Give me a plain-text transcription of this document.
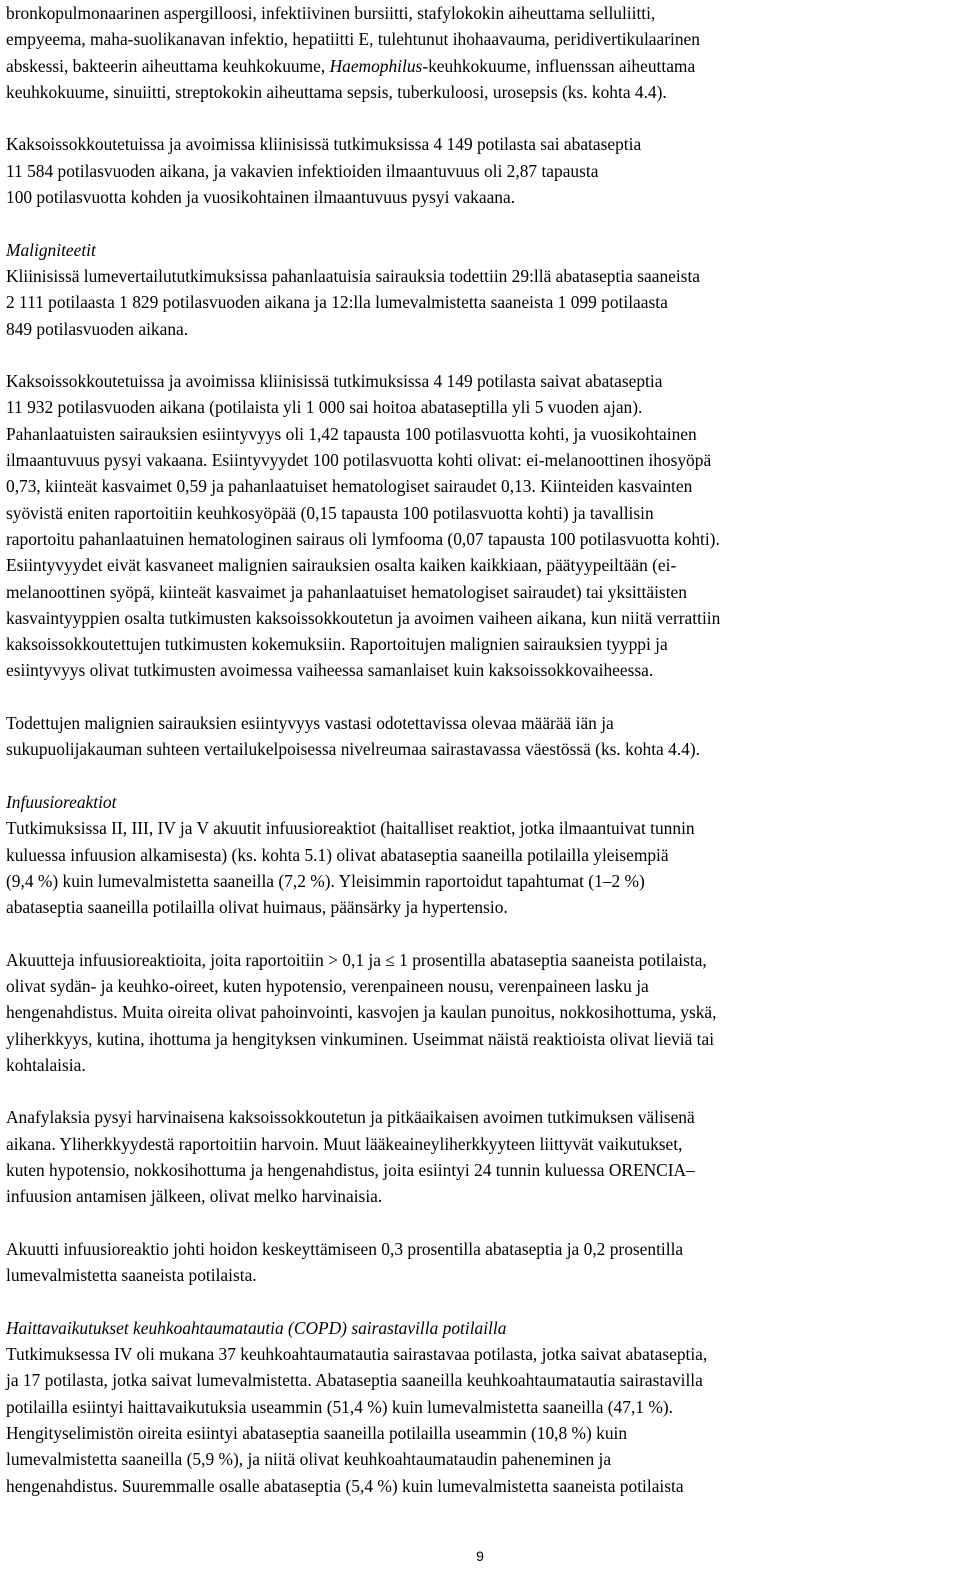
bronkopulmonaarinen aspergilloosi, infektiivinen bursiitti, stafylokokin aiheuttama selluliitti,
empyeema, maha-suolikanavan infektio, hepatiitti E, tulehtunut ihohaavauma, peridivertikulaarinen
abskessi, bakteerin aiheuttama keuhkokuume, Haemophilus-keuhkokuume, influenssan aiheuttama
keuhkokuume, sinuiitti, streptokokin aiheuttama sepsis, tuberkuloosi, urosepsis (ks. kohta 4.4).
Kaksoissokkoutetuissa ja avoimissa kliinisissä tutkimuksissa 4 149 potilasta sai abataseptia
11 584 potilasvuoden aikana, ja vakavien infektioiden ilmaantuvuus oli 2,87 tapausta
100 potilasvuotta kohden ja vuosikohtainen ilmaantuvuus pysyi vakaana.
Maligniteetit
Kliinisissä lumevertailututkimuksissa pahanlaatuisia sairauksia todettiin 29:llä abataseptia saaneista
2 111 potilaasta 1 829 potilasvuoden aikana ja 12:lla lumevalmistetta saaneista 1 099 potilaasta
849 potilasvuoden aikana.
Kaksoissokkoutetuissa ja avoimissa kliinisissä tutkimuksissa 4 149 potilasta saivat abataseptia
11 932 potilasvuoden aikana (potilaista yli 1 000 sai hoitoa abataseptilla yli 5 vuoden ajan).
Pahanlaatuisten sairauksien esiintyvyys oli 1,42 tapausta 100 potilasvuotta kohti, ja vuosikohtainen
ilmaantuvuus pysyi vakaana. Esiintyvyydet 100 potilasvuotta kohti olivat: ei-melanoottinen ihosyöpä
0,73, kiinteät kasvaimet 0,59 ja pahanlaatuiset hematologiset sairaudet 0,13. Kiinteiden kasvainten
syövistä eniten raportoitiin keuhkosyöpää (0,15 tapausta 100 potilasvuotta kohti) ja tavallisin
raportoitu pahanlaatuinen hematologinen sairaus oli lymfooma (0,07 tapausta 100 potilasvuotta kohti).
Esiintyvyydet eivät kasvaneet malignien sairauksien osalta kaiken kaikkiaan, päätyypeiltään (ei-
melanoottinen syöpä, kiinteät kasvaimet ja pahanlaatuiset hematologiset sairaudet) tai yksittäisten
kasvaintyyppien osalta tutkimusten kaksoissokkoutetun ja avoimen vaiheen aikana, kun niitä verrattiin
kaksoissokkoutettujen tutkimusten kokemuksiin. Raportoitujen malignien sairauksien tyyppi ja
esiintyvyys olivat tutkimusten avoimessa vaiheessa samanlaiset kuin kaksoissokkovaiheessa.
Todettujen malignien sairauksien esiintyvyys vastasi odotettavissa olevaa määrää iän ja
sukupuolijakauman suhteen vertailukelpoisessa nivelreumaa sairastavassa väestössä (ks. kohta 4.4).
Infuusioreaktiot
Tutkimuksissa II, III, IV ja V akuutit infuusioreaktiot (haitalliset reaktiot, jotka ilmaantuivat tunnin
kuluessa infuusion alkamisesta) (ks. kohta 5.1) olivat abataseptia saaneilla potilailla yleisempiä
(9,4 %) kuin lumevalmistetta saaneilla (7,2 %). Yleisimmin raportoidut tapahtumat (1–2 %)
abataseptia saaneilla potilailla olivat huimaus, päänsärky ja hypertensio.
Akuutteja infuusioreaktioita, joita raportoitiin > 0,1 ja ≤ 1 prosentilla abataseptia saaneista potilaista,
olivat sydän- ja keuhko-oireet, kuten hypotensio, verenpaineen nousu, verenpaineen lasku ja
hengenahdistus. Muita oireita olivat pahoinvointi, kasvojen ja kaulan punoitus, nokkosihottuma, yskä,
yliherkkyys, kutina, ihottuma ja hengityksen vinkuminen. Useimmat näistä reaktioista olivat lieviä tai
kohtalaisia.
Anafylaksia pysyi harvinaisena kaksoissokkoutetun ja pitkäaikaisen avoimen tutkimuksen välisenä
aikana. Yliherkkyydestä raportoitiin harvoin. Muut lääkeaineyliherkkyyteen liittyvät vaikutukset,
kuten hypotensio, nokkosihottuma ja hengenahdistus, joita esiintyi 24 tunnin kuluessa ORENCIA–
infuusion antamisen jälkeen, olivat melko harvinaisia.
Akuutti infuusioreaktio johti hoidon keskeyttämiseen 0,3 prosentilla abataseptia ja 0,2 prosentilla
lumevalmistetta saaneista potilaista.
Haittavaikutukset keuhkoahtaumatautia (COPD) sairastavilla potilailla
Tutkimuksessa IV oli mukana 37 keuhkoahtaumatautia sairastavaa potilasta, jotka saivat abataseptia,
ja 17 potilasta, jotka saivat lumevalmistetta. Abataseptia saaneilla keuhkoahtaumatautia sairastavilla
potilailla esiintyi haittavaikutuksia useammin (51,4 %) kuin lumevalmistetta saaneilla (47,1 %).
Hengityselimistön oireita esiintyi abataseptia saaneilla potilailla useammin (10,8 %) kuin
lumevalmistetta saaneilla (5,9 %), ja niitä olivat keuhkoahtaumataudin paheneminen ja
hengenahdistus. Suuremmalle osalle abataseptia (5,4 %) kuin lumevalmistetta saaneista potilaista
9
